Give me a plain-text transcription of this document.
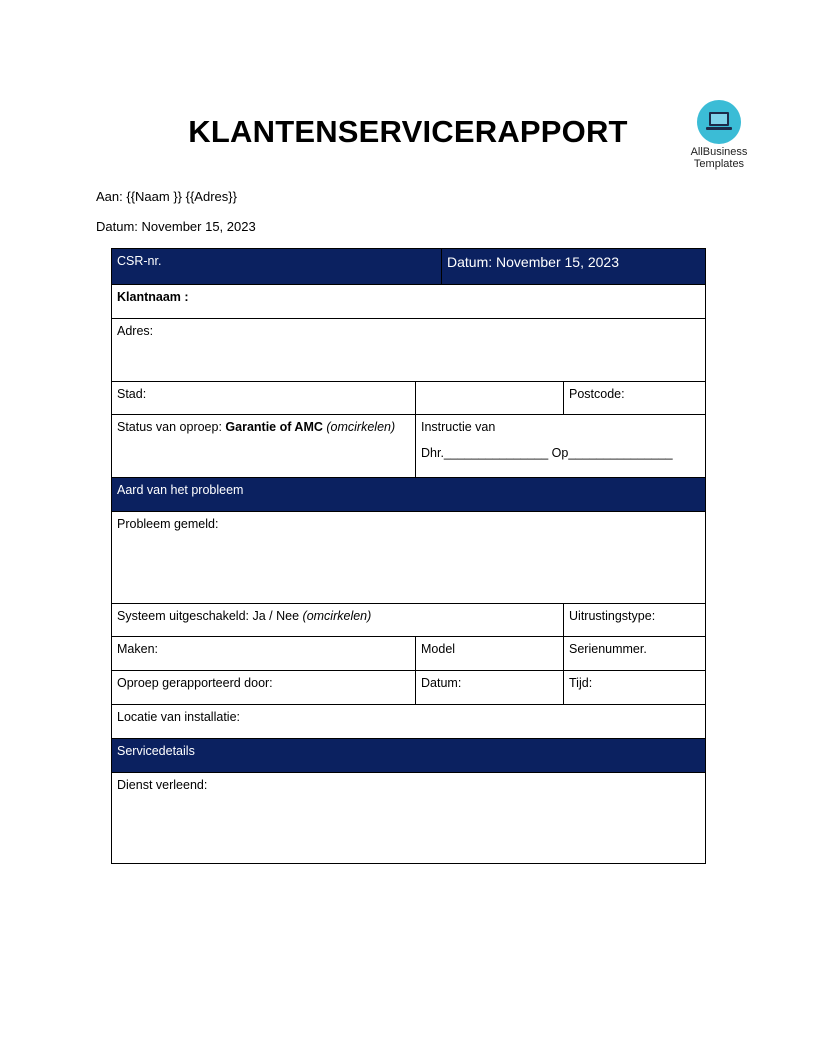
KLANTENSERVICERAPPORT
AllBusiness
Templates
Aan: {{Naam }} {{Adres}}
Datum: November 15, 2023
CSR-nr.		Datum: November 15, 2023	
Klantnaam :			
Adres:			
Stad:			Postcode:
Status van oproep: Garantie of AMC (omcirkelen)	Instructie van
Dhr._______________ Op_______________		

Aard van het probleem			
Probleem gemeld:			
Systeem uitgeschakeld: Ja / Nee (omcirkelen)			Uitrustingstype:
Maken:	Model		Serienummer.
Oproep gerapporteerd door:	Datum:		Tijd:
Locatie van installatie:			
Servicedetails			
Dienst verleend:			
